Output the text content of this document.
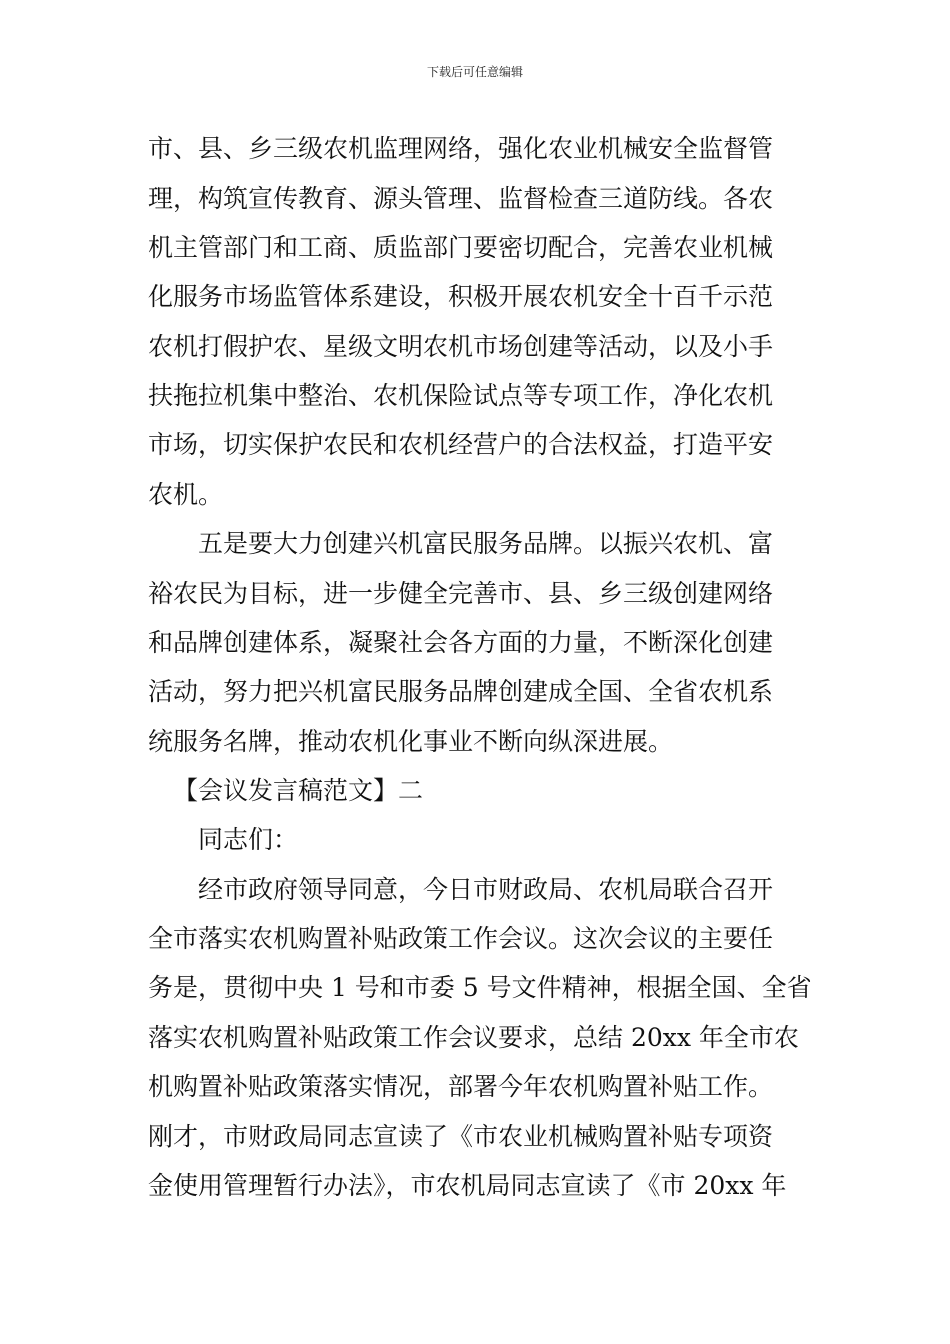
下载后可任意编辑
市、县、乡三级农机监理网络，强化农业机械安全监督管
理，构筑宣传教育、源头管理、监督检查三道防线。各农
机主管部门和工商、质监部门要密切配合，完善农业机械
化服务市场监管体系建设，积极开展农机安全十百千示范
农机打假护农、星级文明农机市场创建等活动，以及小手
扶拖拉机集中整治、农机保险试点等专项工作，净化农机
市场，切实保护农民和农机经营户的合法权益，打造平安
农机。
五是要大力创建兴机富民服务品牌。以振兴农机、富
裕农民为目标，进一步健全完善市、县、乡三级创建网络
和品牌创建体系，凝聚社会各方面的力量，不断深化创建
活动，努力把兴机富民服务品牌创建成全国、全省农机系
统服务名牌，推动农机化事业不断向纵深进展。
【会议发言稿范文】二
同志们：
经市政府领导同意，今日市财政局、农机局联合召开
全市落实农机购置补贴政策工作会议。这次会议的主要任
务是，贯彻中央 1 号和市委 5 号文件精神，根据全国、全省
落实农机购置补贴政策工作会议要求，总结 20xx 年全市农
机购置补贴政策落实情况，部署今年农机购置补贴工作。
刚才，市财政局同志宣读了《市农业机械购置补贴专项资
金使用管理暂行办法》，市农机局同志宣读了《市 20xx 年
